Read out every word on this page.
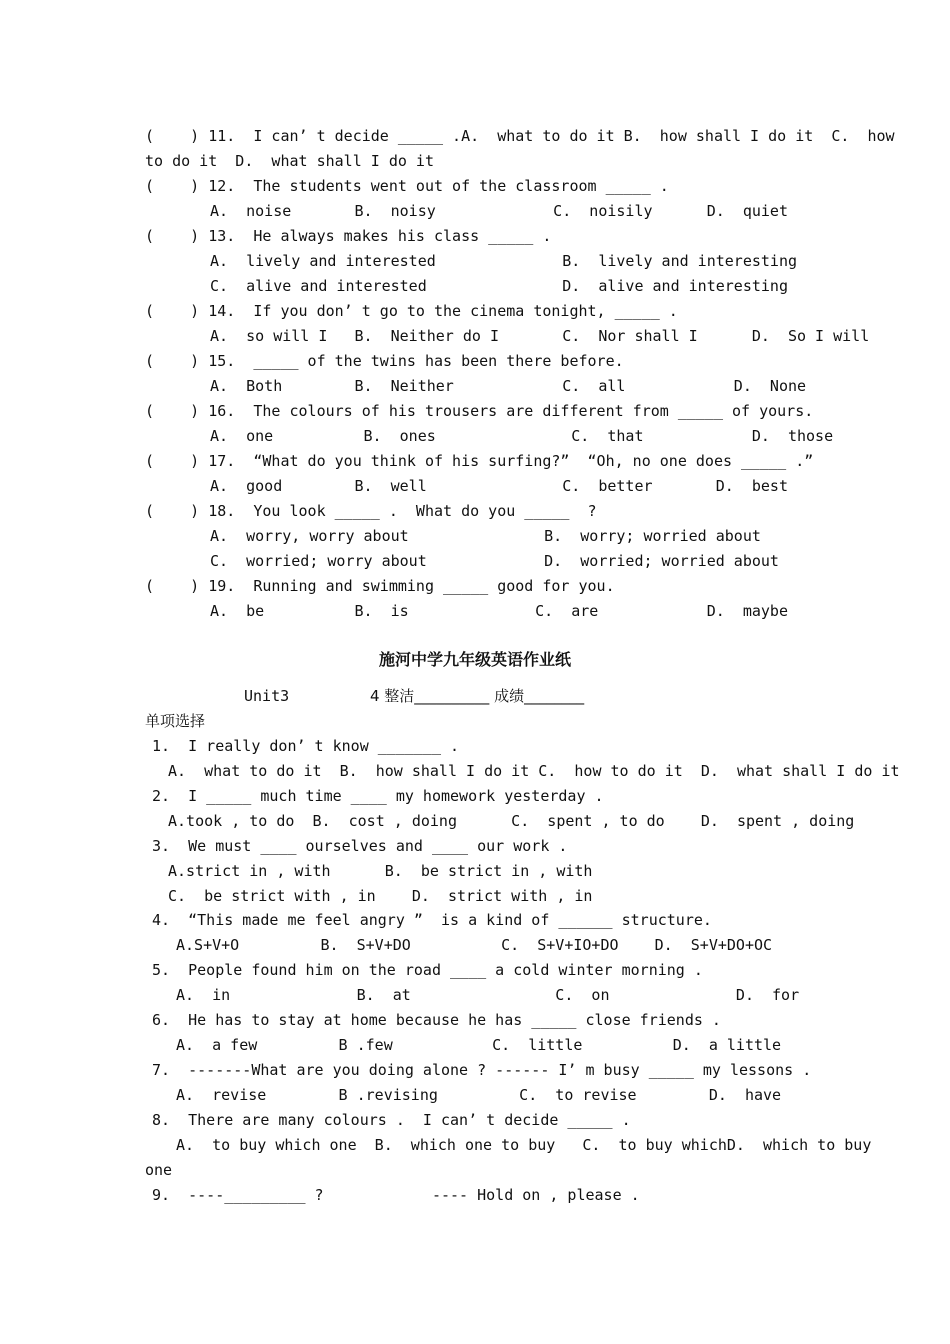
(    ) 11.  I can’ t decide _____ .A.  what to do it B.  how shall I do it  C.  how
to do it  D.  what shall I do it
(    ) 12.  The students went out of the classroom _____ .
A.  noise       B.  noisy             C.  noisily      D.  quiet
(    ) 13.  He always makes his class _____ .
A.  lively and interested              B.  lively and interesting
C.  alive and interested               D.  alive and interesting
(    ) 14.  If you don’ t go to the cinema tonight, _____ .
A.  so will I   B.  Neither do I       C.  Nor shall I      D.  So I will
(    ) 15.  _____ of the twins has been there before.
A.  Both        B.  Neither            C.  all            D.  None
(    ) 16.  The colours of his trousers are different from _____ of yours.
A.  one          B.  ones               C.  that            D.  those
(    ) 17.  “What do you think of his surfing?”  “Oh, no one does _____ .”
A.  good        B.  well               C.  better       D.  best
(    ) 18.  You look _____ .  What do you _____  ?
A.  worry, worry about               B.  worry; worried about
C.  worried; worry about             D.  worried; worried about
(    ) 19.  Running and swimming _____ good for you.
A.  be          B.  is              C.  are            D.  maybe
施河中学九年级英语作业纸
Unit3	4 整洁__________ 成绩________
单项选择
1.  I really don’ t know _______ .
A.  what to do it  B.  how shall I do it C.  how to do it  D.  what shall I do it
2.  I _____ much time ____ my homework yesterday .
A.took , to do  B.  cost , doing      C.  spent , to do    D.  spent , doing
3.  We must ____ ourselves and ____ our work .
A.strict in , with      B.  be strict in , with
C.  be strict with , in    D.  strict with , in
4.  “This made me feel angry ”  is a kind of ______ structure.
A.S+V+O         B.  S+V+DO          C.  S+V+IO+DO    D.  S+V+DO+OC
5.  People found him on the road ____ a cold winter morning .
A.  in              B.  at                C.  on              D.  for
6.  He has to stay at home because he has _____ close friends .
A.  a few         B .few           C.  little          D.  a little
7.  -------What are you doing alone ? ------ I’ m busy _____ my lessons .
A.  revise        B .revising         C.  to revise        D.  have
8.  There are many colours .  I can’ t decide _____ .
A.  to buy which one  B.  which one to buy   C.  to buy whichD.  which to buy
one
9.  ----_________ ?            ---- Hold on , please .
